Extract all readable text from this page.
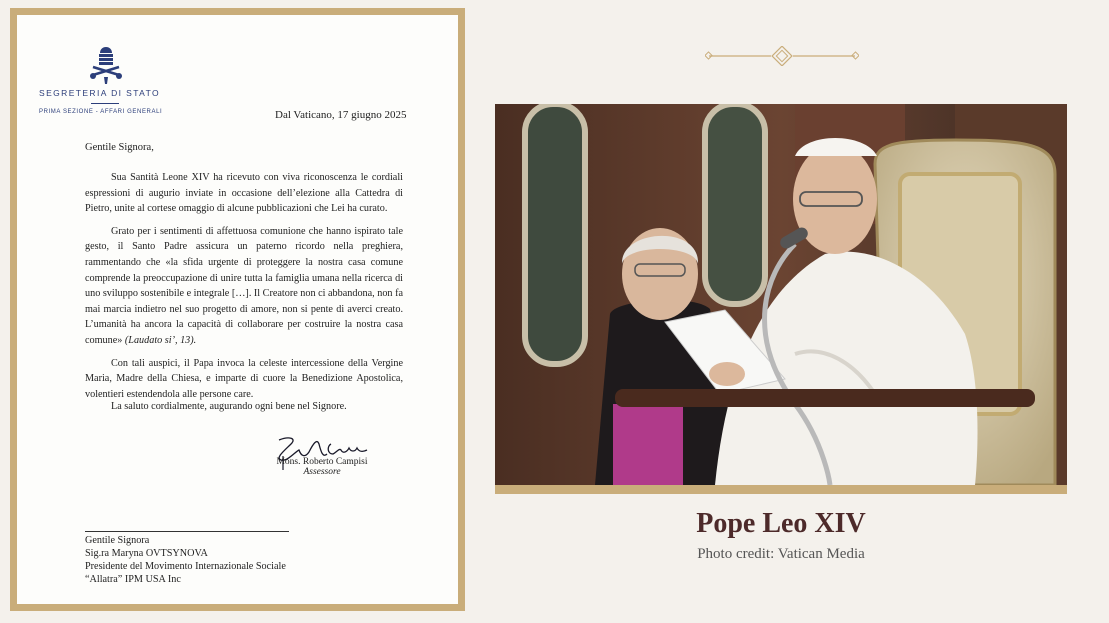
SEGRETERIA DI STATO
PRIMA SEZIONE - AFFARI GENERALI	Dal Vaticano, 17 giugno 2025
Gentile Signora,

Sua Santità Leone XIV ha ricevuto con viva riconoscenza le cordiali espressioni di augurio inviate in occasione dell’elezione alla Cattedra di Pietro, unite al cortese omaggio di alcune pubblicazioni che Lei ha curato.

Grato per i sentimenti di affettuosa comunione che hanno ispirato tale gesto, il Santo Padre assicura un paterno ricordo nella preghiera, rammentando che «la sfida urgente di proteggere la nostra casa comune comprende la preoccupazione di unire tutta la famiglia umana nella ricerca di uno sviluppo sostenibile e integrale […]. Il Creatore non ci abbandona, non fa mai marcia indietro nel suo progetto di amore, non si pente di averci creato. L’umanità ha ancora la capacità di collaborare per costruire la nostra casa comune» (Laudato si’, 13).

Con tali auspici, il Papa invoca la celeste intercessione della Vergine Maria, Madre della Chiesa, e imparte di cuore la Benedizione Apostolica, volentieri estendendola alle persone care.

La saluto cordialmente, augurando ogni bene nel Signore.
Mons. Roberto Campisi
Assessore
Gentile Signora
Sig.ra Maryna OVTSYNOVA
Presidente del Movimento Internazionale Sociale
“Allatra” IPM USA Inc
Pope Leo XIV
Photo credit: Vatican Media
